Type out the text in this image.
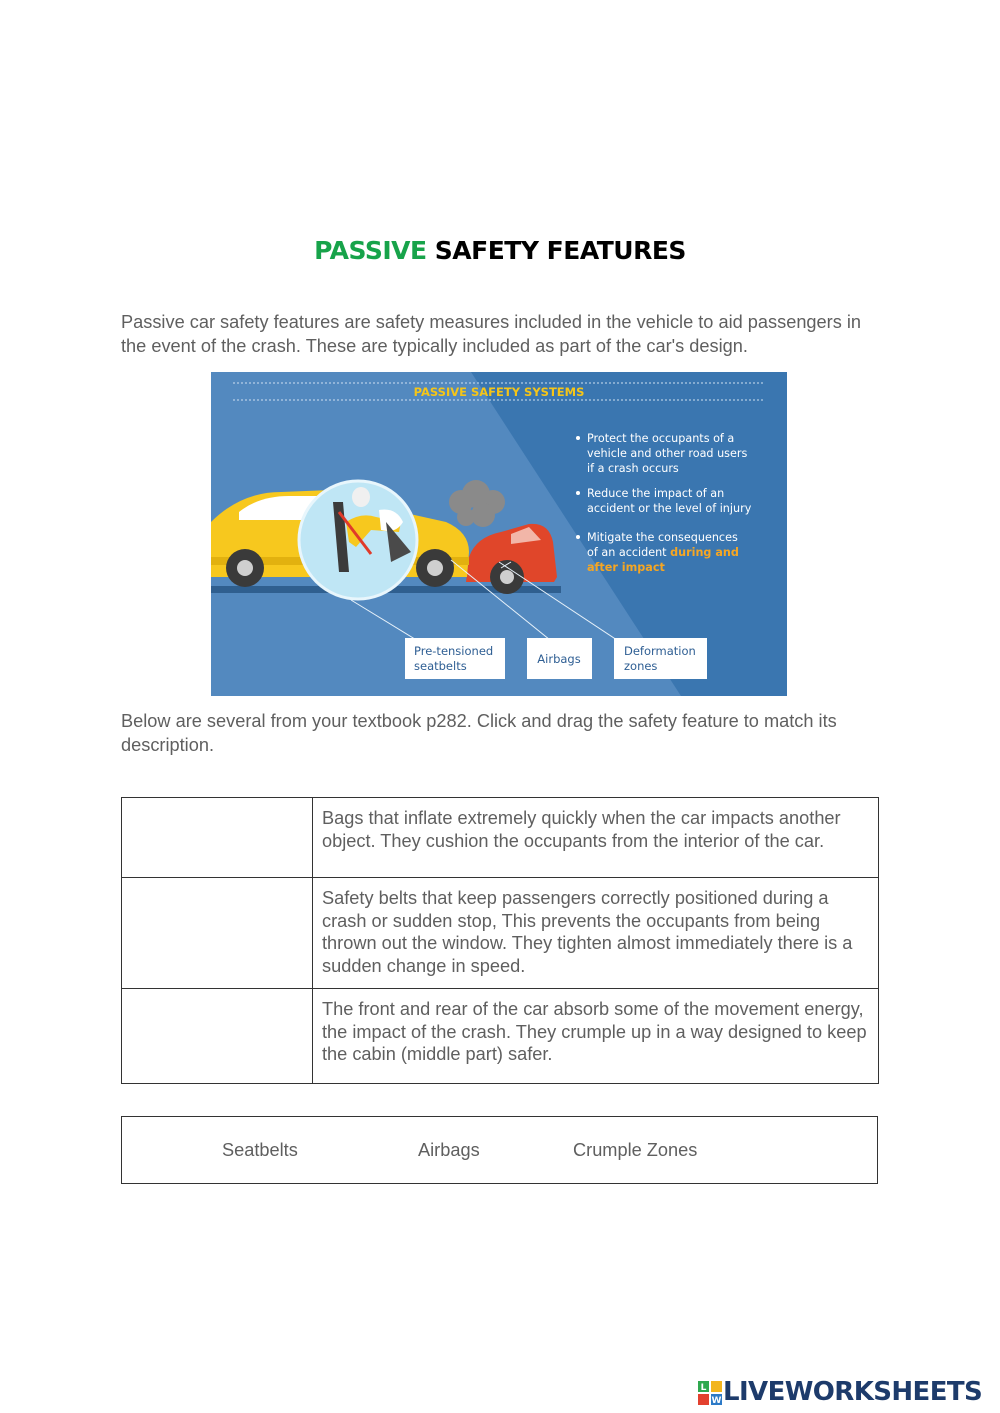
PASSIVE SAFETY FEATURES
Passive car safety features are safety measures included in the vehicle to aid passengers in the event of the crash. These are typically included as part of the car's design.
PASSIVE SAFETY SYSTEMS
Pre-tensioned
seatbelts	Airbags
Deformation
zones
Protect the occupants of a
vehicle and other road users
if a crash occurs
Reduce the impact of an
accident or the level of injury
Mitigate the consequences
of an accident during and
after impact
Below are several from your textbook p282. Click and drag the safety feature to match its description.
	Bags that inflate extremely quickly when the car impacts another object. They cushion the occupants from the interior of the car.
	Safety belts that keep passengers correctly positioned during a crash or sudden stop, This prevents the occupants from being thrown out the window. They tighten almost immediately there is a sudden change in speed.
	The front and rear of the car absorb some of the movement energy, the impact of the crash. They crumple up in a way designed to keep the cabin (middle part) safer.
Seatbelts	Airbags	Crumple Zones
L
W LIVEWORKSHEETS
